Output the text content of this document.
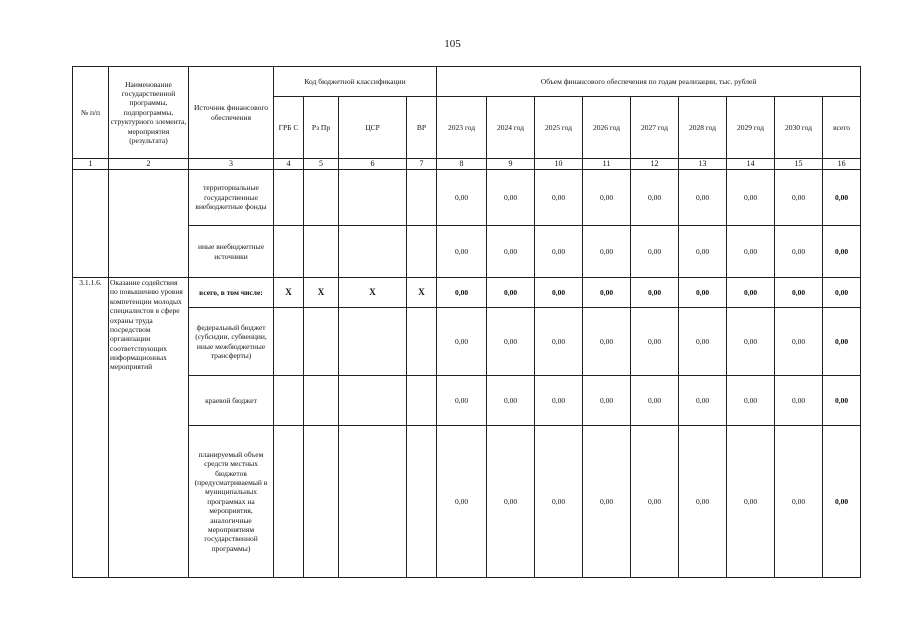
105
№ п/п	Наименование государственной программы, подпрограммы, структурного элемента, мероприятия (результата)	Источник финансового обеспечения	Код бюджетной классификации				Объем финансового обеспечения по годам реализации, тыс. рублей								
			ГРБ С	Рз Пр	ЦСР	ВР	2023 год	2024 год	2025 год	2026 год	2027 год	2028 год	2029 год	2030 год	всего
1	2	3	4	5	6	7	8	9	10	11	12	13	14	15	16
		территориальные государственные внебюджетные фонды					0,00	0,00	0,00	0,00	0,00	0,00	0,00	0,00	0,00
		иные внебюджетные источники					0,00	0,00	0,00	0,00	0,00	0,00	0,00	0,00	0,00
3.1.1.6.	Оказание содействия по повышению уровня компетенции молодых специалистов в сфере охраны труда посредством организации соответствующих информационных мероприятий	всего, в том числе:	Х	Х	Х	Х	0,00	0,00	0,00	0,00	0,00	0,00	0,00	0,00	0,00
		федеральный бюджет (субсидии, субвенции, иные межбюджетные трансферты)					0,00	0,00	0,00	0,00	0,00	0,00	0,00	0,00	0,00
		краевой бюджет					0,00	0,00	0,00	0,00	0,00	0,00	0,00	0,00	0,00
		планируемый объем средств местных бюджетов (предусматриваемый в муниципальных программах на мероприятия, аналогичные мероприятиям государственной программы)					0,00	0,00	0,00	0,00	0,00	0,00	0,00	0,00	0,00
